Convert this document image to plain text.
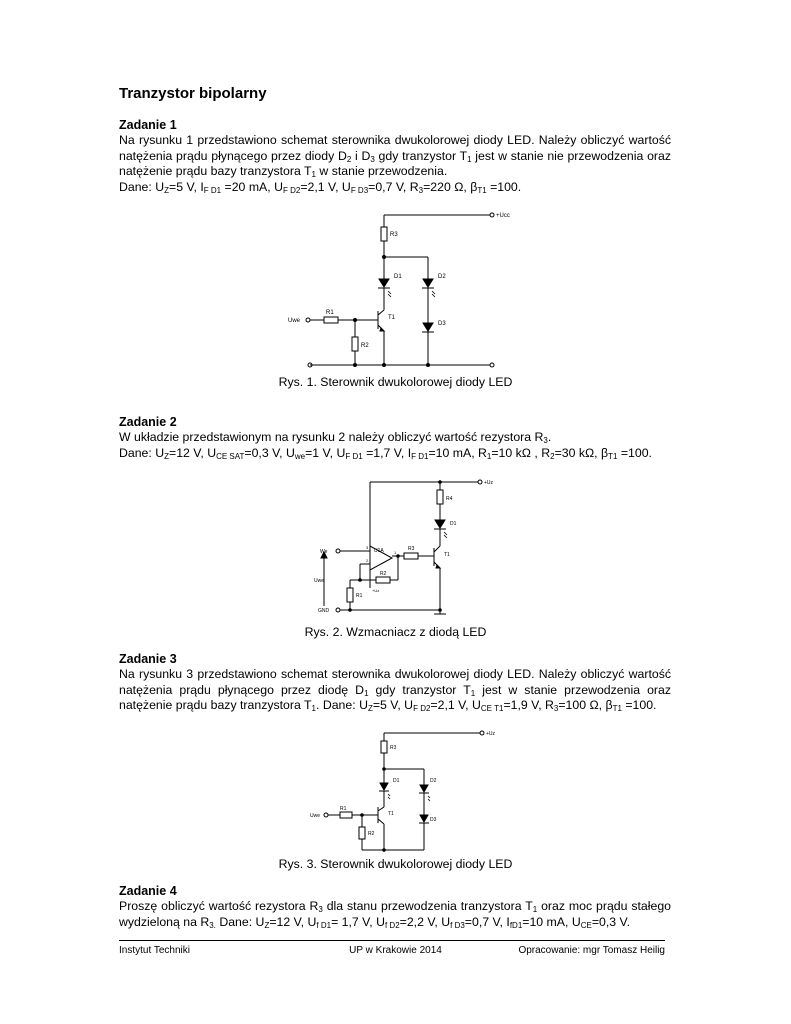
Tranzystor bipolarny
Zadanie 1
Na rysunku 1 przedstawiono schemat sterownika dwukolorowej diody LED. Należy obliczyć wartość
natężenia prądu płynącego przez diody $D_2$ i $D_3$ gdy tranzystor $T_1$ jest w stanie nie przewodzenia oraz
natężenie prądu bazy tranzystora $T_1$ w stanie przewodzenia.
Dane: $U_Z=5$ V, $I_{F D1} =20$ mA, $U_{F D2}=2,1$ V, $U_{F D3}=0,7$ V, $R_3=220$ Ω, $\beta_{T1} =100$.
+Ucc
R3
D1	D2
D3
R1
R2
T1
Uwe
Rys. 1. Sterownik dwukolorowej diody LED
Zadanie 2
W układzie przedstawionym na rysunku 2 należy obliczyć wartość rezystora $R_3$.
Dane: $U_Z=12$ V, $U_{CE SAT}=0,3$ V, $U_{we}=1$ V, $U_{F D1} =1,7$ V, $I_{F D1}=10$ mA, $R_1=10$ kΩ , $R_2=30$ kΩ, $\beta_{T1} =100$.
+Uz
R4
D1
U1A	R3
T1
R2
R1
We
Uwe
GND
3
2
1
+Uz
Rys. 2. Wzmacniacz z diodą LED
Zadanie 3
Na rysunku 3 przedstawiono schemat sterownika dwukolorowej diody LED. Należy obliczyć wartość
natężenia prądu płynącego przez diodę $D_1$ gdy tranzystor $T_1$ jest w stanie przewodzenia oraz
natężenie prądu bazy tranzystora $T_1$. Dane: $U_Z=5$ V, $U_{F D2}=2,1$ V, $U_{CE T1}=1,9$ V, $R_3=100$ Ω, $\beta_{T1} =100$.
+Uz
R3
D1	D2
D3
R1
R2
T1
Uwe
Rys. 3. Sterownik dwukolorowej diody LED
Zadanie 4
Proszę obliczyć wartość rezystora $R_3$ dla stanu przewodzenia tranzystora $T_1$ oraz moc prądu stałego
wydzieloną na $R_{3.}$ Dane: $U_Z=12$ V, $U_{f D1}= 1,7$ V, $U_{f D2}=2,2$ V, $U_{f D3}=0,7$ V, $I_{fD1}=10$ mA, $U_{CE}=0,3$ V.
Instytut Techniki	UP w Krakowie 2014	Opracowanie: mgr Tomasz Heilig
